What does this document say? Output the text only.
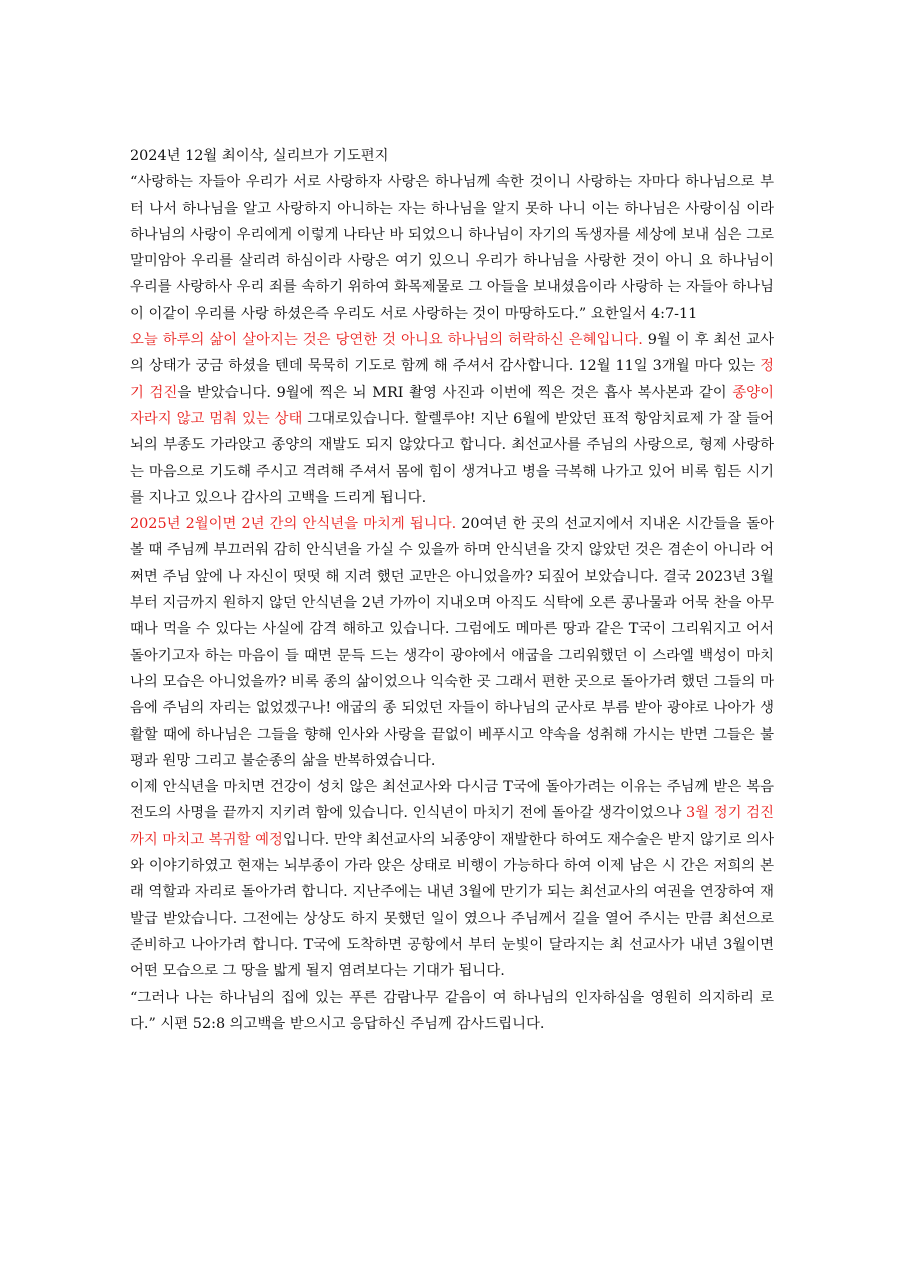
2024년 12월 최이삭, 실리브가 기도편지

“사랑하는 자들아 우리가 서로 사랑하자 사랑은 하나님께 속한 것이니 사랑하는 자마다 하나님으로 부터 나서 하나님을 알고 사랑하지 아니하는 자는 하나님을 알지 못하 나니 이는 하나님은 사랑이심 이라 하나님의 사랑이 우리에게 이렇게 나타난 바 되었으니 하나님이 자기의 독생자를 세상에 보내 심은 그로 말미암아 우리를 살리려 하심이라 사랑은 여기 있으니 우리가 하나님을 사랑한 것이 아니 요 하나님이 우리를 사랑하사 우리 죄를 속하기 위하여 화목제물로 그 아들을 보내셨음이라 사랑하 는 자들아 하나님이 이같이 우리를 사랑 하셨은즉 우리도 서로 사랑하는 것이 마땅하도다.” 요한일서 4:7-11

오늘 하루의 삶이 살아지는 것은 당연한 것 아니요 하나님의 허락하신 은혜입니다. 9월 이 후 최선 교사의 상태가 궁금 하셨을 텐데 묵묵히 기도로 함께 해 주셔서 감사합니다. 12월 11일 3개월 마다 있는 정기 검진을 받았습니다. 9월에 찍은 뇌 MRI 촬영 사진과 이번에 찍은 것은 흡사 복사본과 같이 종양이 자라지 않고 멈춰 있는 상태 그대로있습니다. 할렐루야! 지난 6월에 받았던 표적 항암치료제 가 잘 들어 뇌의 부종도 가라앉고 종양의 재발도 되지 않았다고 합니다. 최선교사를 주님의 사랑으로, 형제 사랑하는 마음으로 기도해 주시고 격려해 주셔서 몸에 힘이 생겨나고 병을 극복해 나가고 있어 비록 힘든 시기를 지나고 있으나 감사의 고백을 드리게 됩니다.

2025년 2월이면 2년 간의 안식년을 마치게 됩니다. 20여년 한 곳의 선교지에서 지내온 시간들을 돌아볼 때 주님께 부끄러워 감히 안식년을 가실 수 있을까 하며 안식년을 갓지 않았던 것은 겸손이 아니라 어쩌면 주님 앞에 나 자신이 떳떳 해 지려 했던 교만은 아니었을까? 되짚어 보았습니다. 결국 2023년 3월부터 지금까지 원하지 않던 안식년을 2년 가까이 지내오며 아직도 식탁에 오른 콩나물과 어묵 찬을 아무 때나 먹을 수 있다는 사실에 감격 해하고 있습니다. 그럼에도 메마른 땅과 같은 T국이 그리워지고 어서 돌아기고자 하는 마음이 들 때면 문득 드는 생각이 광야에서 애굽을 그리워했던 이 스라엘 백성이 마치 나의 모습은 아니었을까? 비록 종의 삶이었으나 익숙한 곳 그래서 편한 곳으로 돌아가려 했던 그들의 마음에 주님의 자리는 없었겠구나! 애굽의 종 되었던 자들이 하나님의 군사로 부름 받아 광야로 나아가 생활할 때에 하나님은 그들을 향해 인사와 사랑을 끝없이 베푸시고 약속을 성취해 가시는 반면 그들은 불평과 원망 그리고 불순종의 삶을 반복하였습니다.

이제 안식년을 마치면 건강이 성치 않은 최선교사와 다시금 T국에 돌아가려는 이유는 주님께 받은 복음 전도의 사명을 끝까지 지키려 함에 있습니다. 인식년이 마치기 전에 돌아갈 생각이었으나 3월 정기 검진까지 마치고 복귀할 예정입니다. 만약 최선교사의 뇌종양이 재발한다 하여도 재수술은 받지 않기로 의사와 이야기하였고 현재는 뇌부종이 가라 앉은 상태로 비행이 가능하다 하여 이제 남은 시 간은 저희의 본래 역할과 자리로 돌아가려 합니다. 지난주에는 내년 3월에 만기가 되는 최선교사의 여권을 연장하여 재발급 받았습니다. 그전에는 상상도 하지 못했던 일이 였으나 주님께서 길을 열어 주시는 만큼 최선으로 준비하고 나아가려 합니다. T국에 도착하면 공항에서 부터 눈빛이 달라지는 최 선교사가 내년 3월이면 어떤 모습으로 그 땅을 밟게 될지 염려보다는 기대가 됩니다.

“그러나 나는 하나님의 집에 있는 푸른 감람나무 같음이 여 하나님의 인자하심을 영원히 의지하리 로다.” 시편 52:8 의고백을 받으시고 응답하신 주님께 감사드립니다.
